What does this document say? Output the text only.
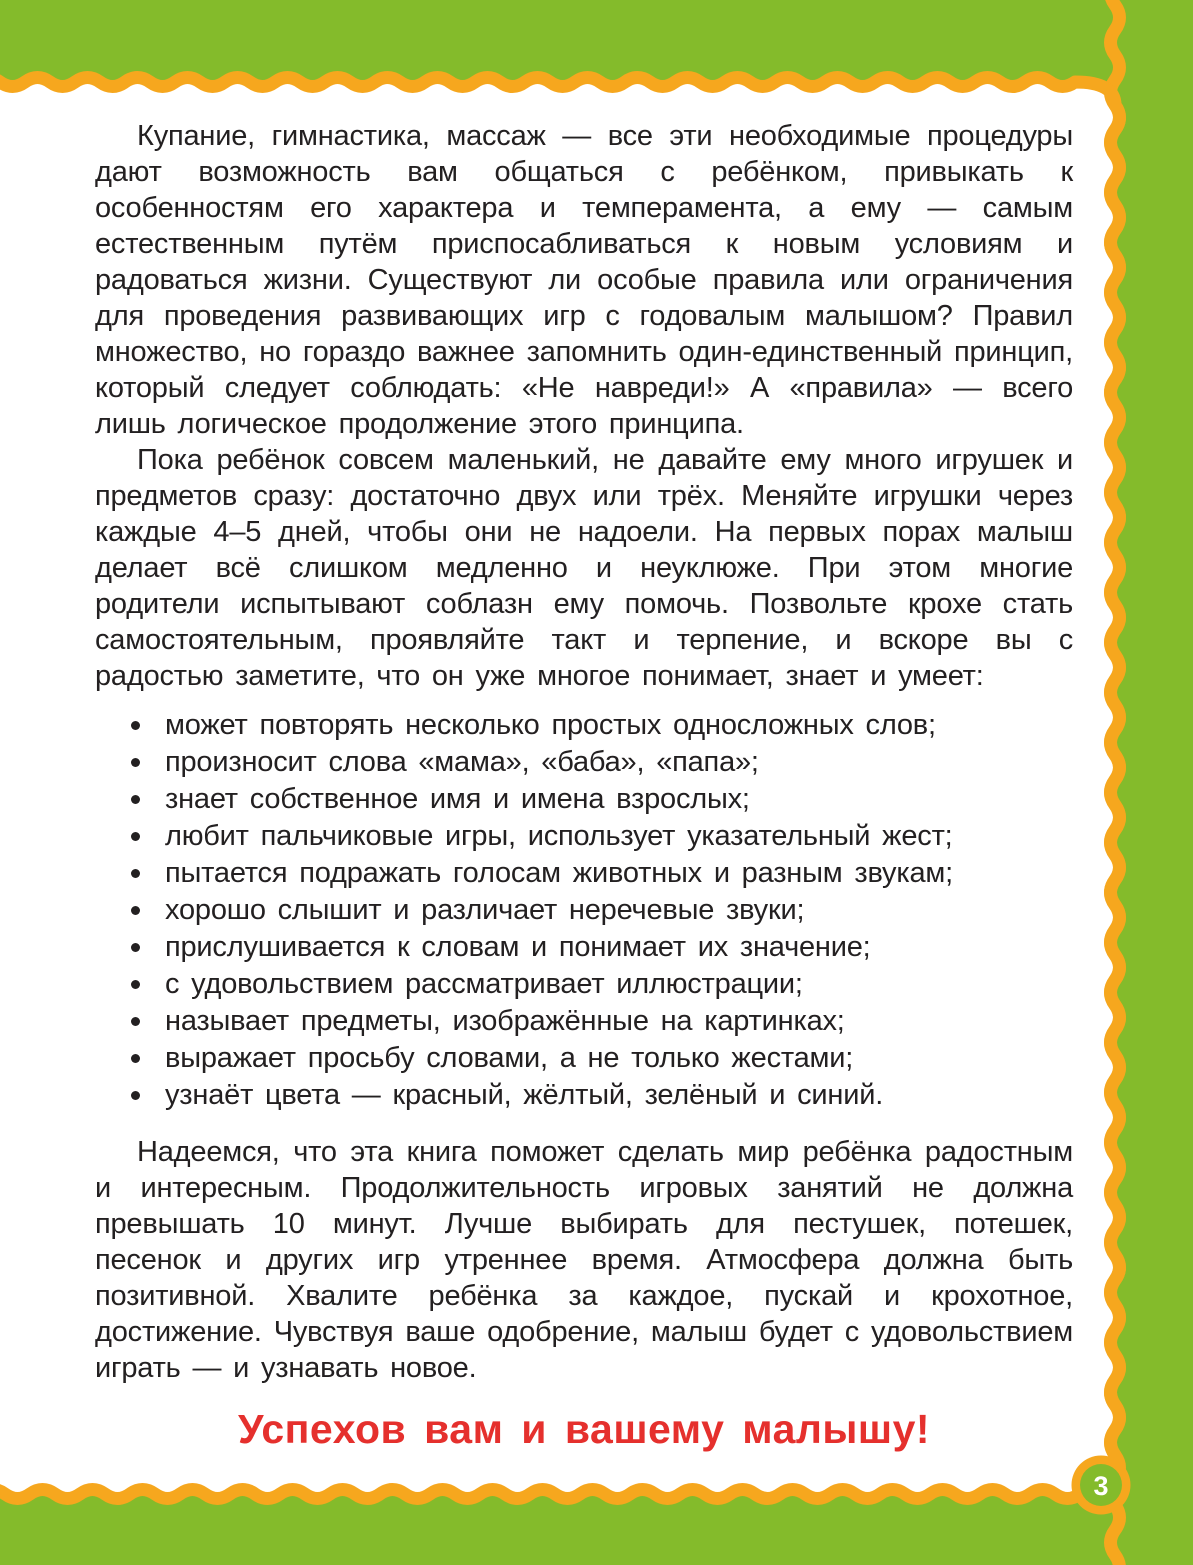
3

Купание, гимнастика, массаж — все эти необходимые процедуры дают возможность вам общаться с ребёнком, привыкать к особенностям его характера и темперамента, а ему — самым естественным путём приспосабливаться к новым условиям и радоваться жизни. Существуют ли особые правила или ограничения для проведения развивающих игр с годовалым малышом? Правил множество, но гораздо важнее запомнить один-единственный принцип, который следует соблюдать: «Не навреди!» А «правила» — всего лишь логическое продолжение этого принципа.

Пока ребёнок совсем маленький, не давайте ему много игрушек и предметов сразу: достаточно двух или трёх. Меняйте игрушки через каждые 4–5 дней, чтобы они не надоели. На первых порах малыш делает всё слишком медленно и неуклюже. При этом многие родители испытывают соблазн ему помочь. Позвольте крохе стать самостоятельным, проявляйте такт и терпение, и вскоре вы с радостью заметите, что он уже многое понимает, знает и умеет:

может повторять несколько простых односложных слов;
произносит слова «мама», «баба», «папа»;
знает собственное имя и имена взрослых;
любит пальчиковые игры, использует указательный жест;
пытается подражать голосам животных и разным звукам;
хорошо слышит и различает неречевые звуки;
прислушивается к словам и понимает их значение;
с удовольствием рассматривает иллюстрации;
называет предметы, изображённые на картинках;
выражает просьбу словами, а не только жестами;
узнаёт цвета — красный, жёлтый, зелёный и синий.

Надеемся, что эта книга поможет сделать мир ребёнка радостным и интересным. Продолжительность игровых занятий не должна превышать 10 минут. Лучше выбирать для пестушек, потешек, песенок и других игр утреннее время. Атмосфера должна быть позитивной. Хвалите ребёнка за каждое, пускай и крохотное, достижение. Чувствуя ваше одобрение, малыш будет с удовольствием играть — и узнавать новое.

Успехов вам и вашему малышу!
